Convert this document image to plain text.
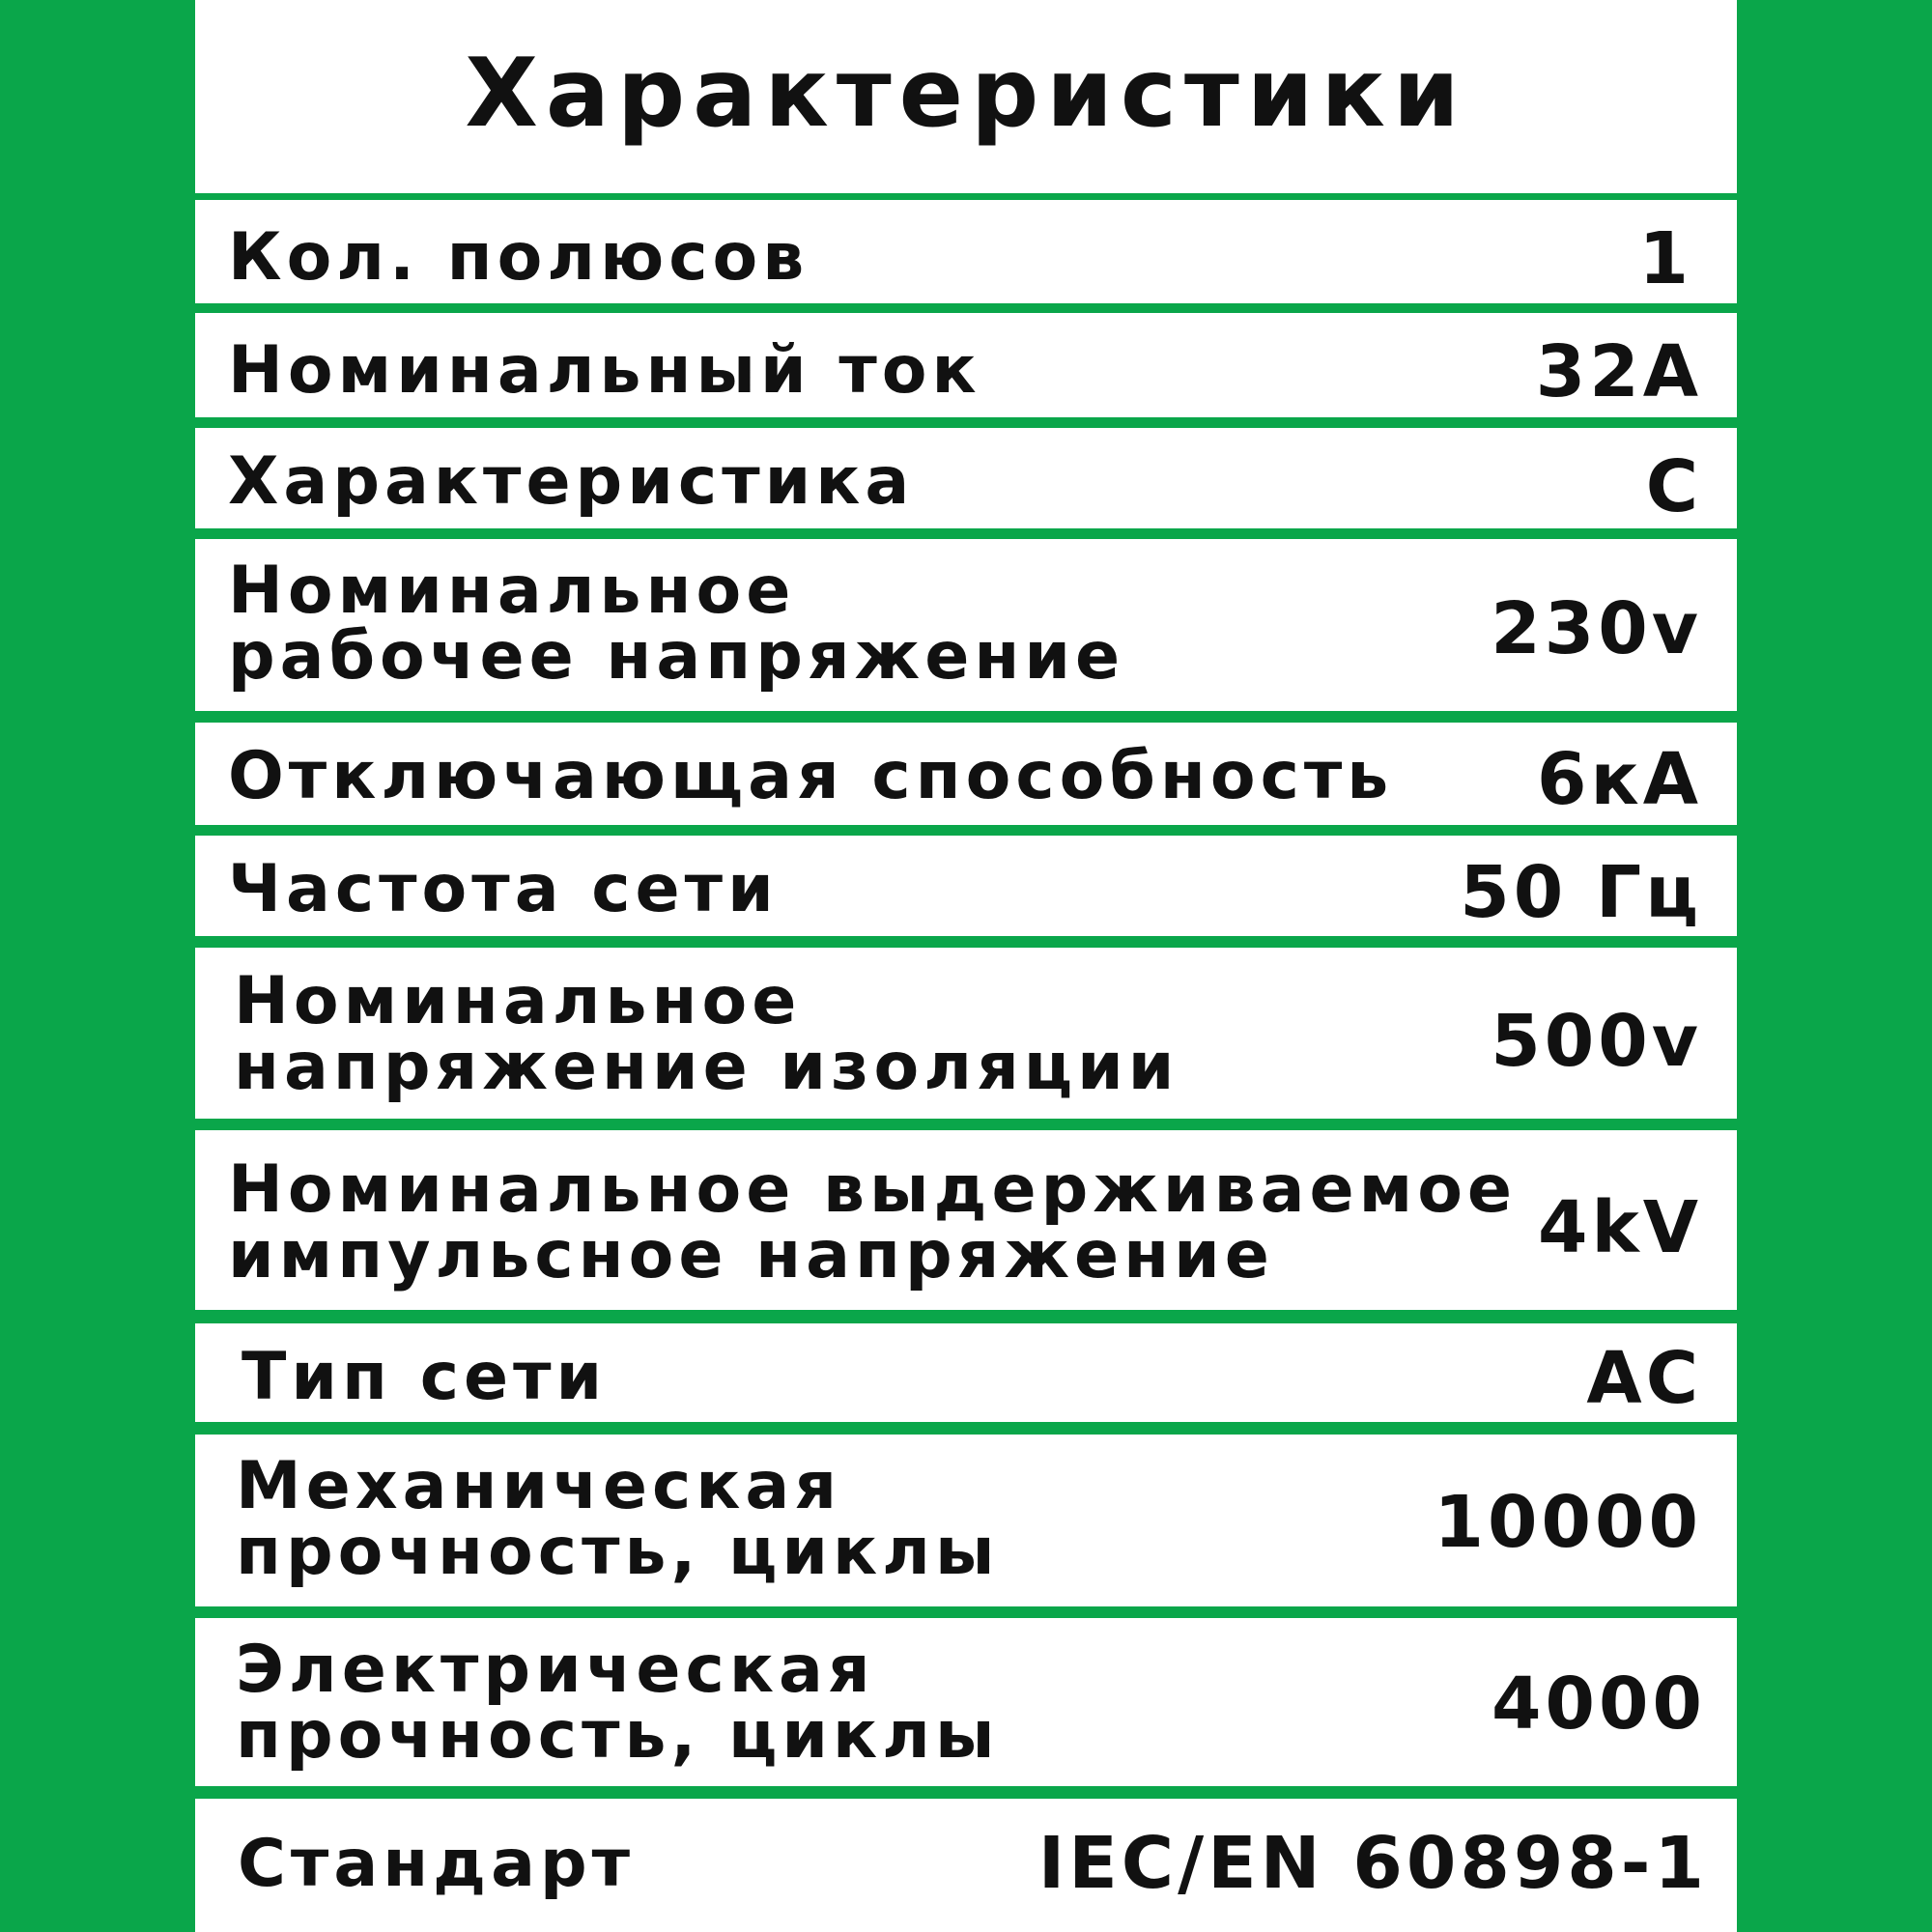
Характеристики
Кол. полюсов	1
Номинальный ток	32A
Характеристика	C
Номинальное
рабочее напряжение	230v
Отключающая способность 6кА
Частота сети	50 Гц
Номинальное
напряжение изоляции	500v
Номинальное выдерживаемое
импульсное напряжение	4kV
Тип сети	AC
Механическая
прочность, циклы	10000
Электрическая
прочность, циклы	4000
Стандарт	IEC/EN 60898-1
